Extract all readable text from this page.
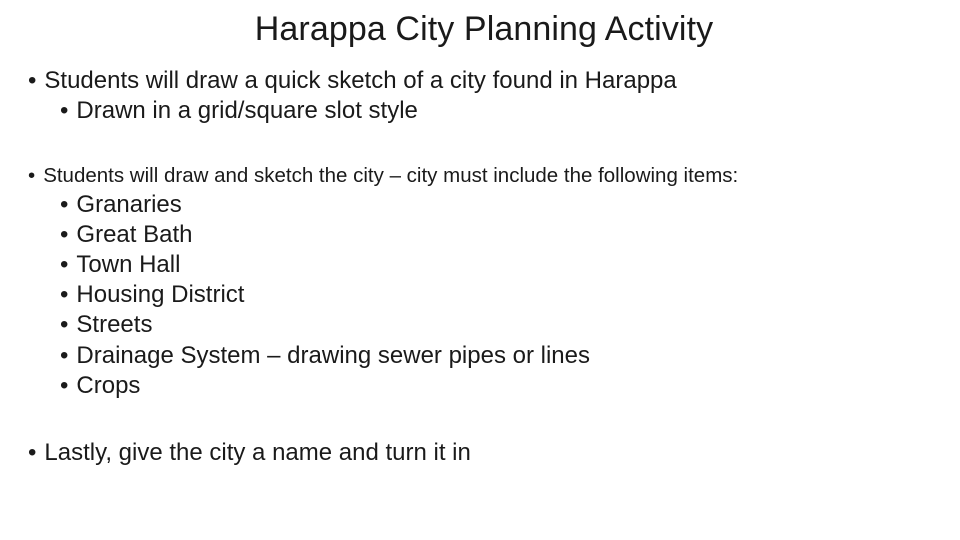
Harappa City Planning Activity
• Students will draw a quick sketch of a city found in Harappa
• Drawn in a grid/square slot style
• Students will draw and sketch the city – city must include the following items:
• Granaries
• Great Bath
• Town Hall
• Housing District
• Streets
• Drainage System – drawing sewer pipes or lines
• Crops
• Lastly, give the city a name and turn it in
